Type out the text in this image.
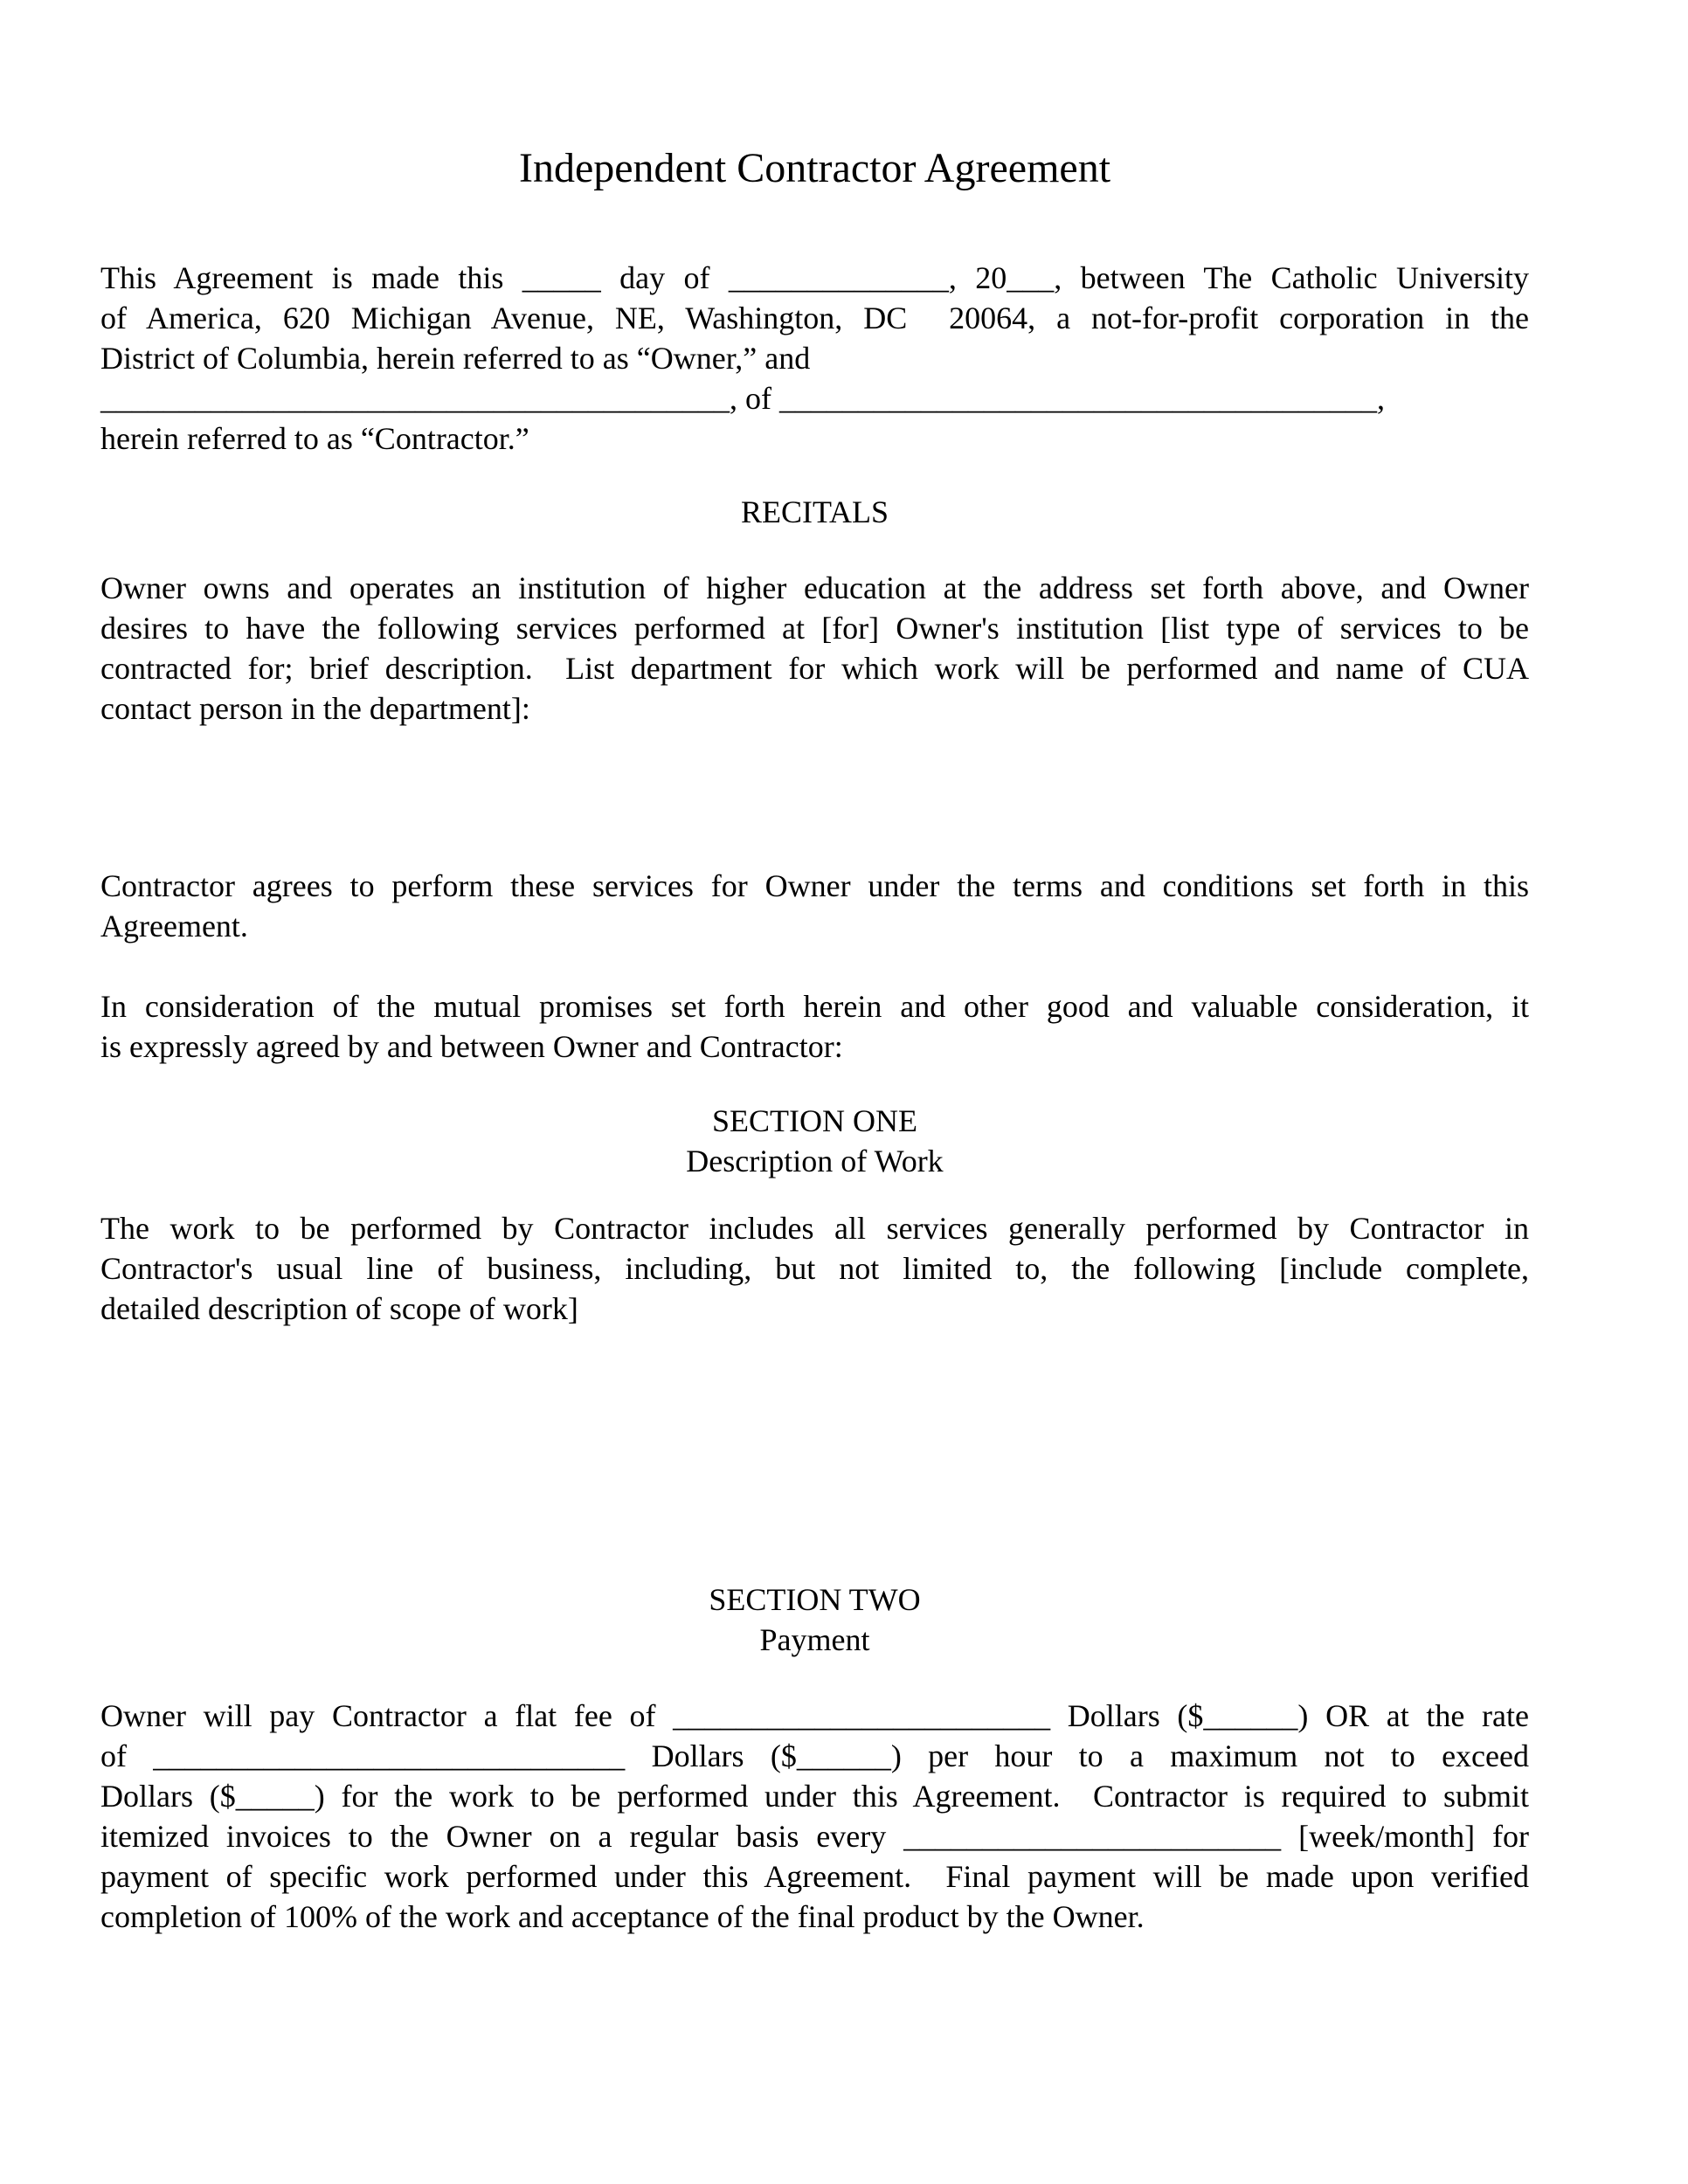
Independent Contractor Agreement
This Agreement is made this _____ day of ______________, 20___, between The Catholic University
of America, 620 Michigan Avenue, NE, Washington, DC  20064, a not-for-profit corporation in the
District of Columbia, herein referred to as “Owner,” and
________________________________________, of ______________________________________,
herein referred to as “Contractor.”
RECITALS
Owner owns and operates an institution of higher education at the address set forth above, and Owner
desires to have the following services performed at [for] Owner's institution [list type of services to be
contracted for; brief description.  List department for which work will be performed and name of CUA
contact person in the department]:
Contractor agrees to perform these services for Owner under the terms and conditions set forth in this
Agreement.
In consideration of the mutual promises set forth herein and other good and valuable consideration, it
is expressly agreed by and between Owner and Contractor:
SECTION ONE
Description of Work
The work to be performed by Contractor includes all services generally performed by Contractor in
Contractor's usual line of business, including, but not limited to, the following [include complete,
detailed description of scope of work]
SECTION TWO
Payment
Owner will pay Contractor a flat fee of ________________________ Dollars ($______) OR at the rate
of ______________________________ Dollars ($______) per hour to a maximum not to exceed
Dollars ($_____) for the work to be performed under this Agreement.  Contractor is required to submit
itemized invoices to the Owner on a regular basis every ________________________ [week/month] for
payment of specific work performed under this Agreement.  Final payment will be made upon verified
completion of 100% of the work and acceptance of the final product by the Owner.
